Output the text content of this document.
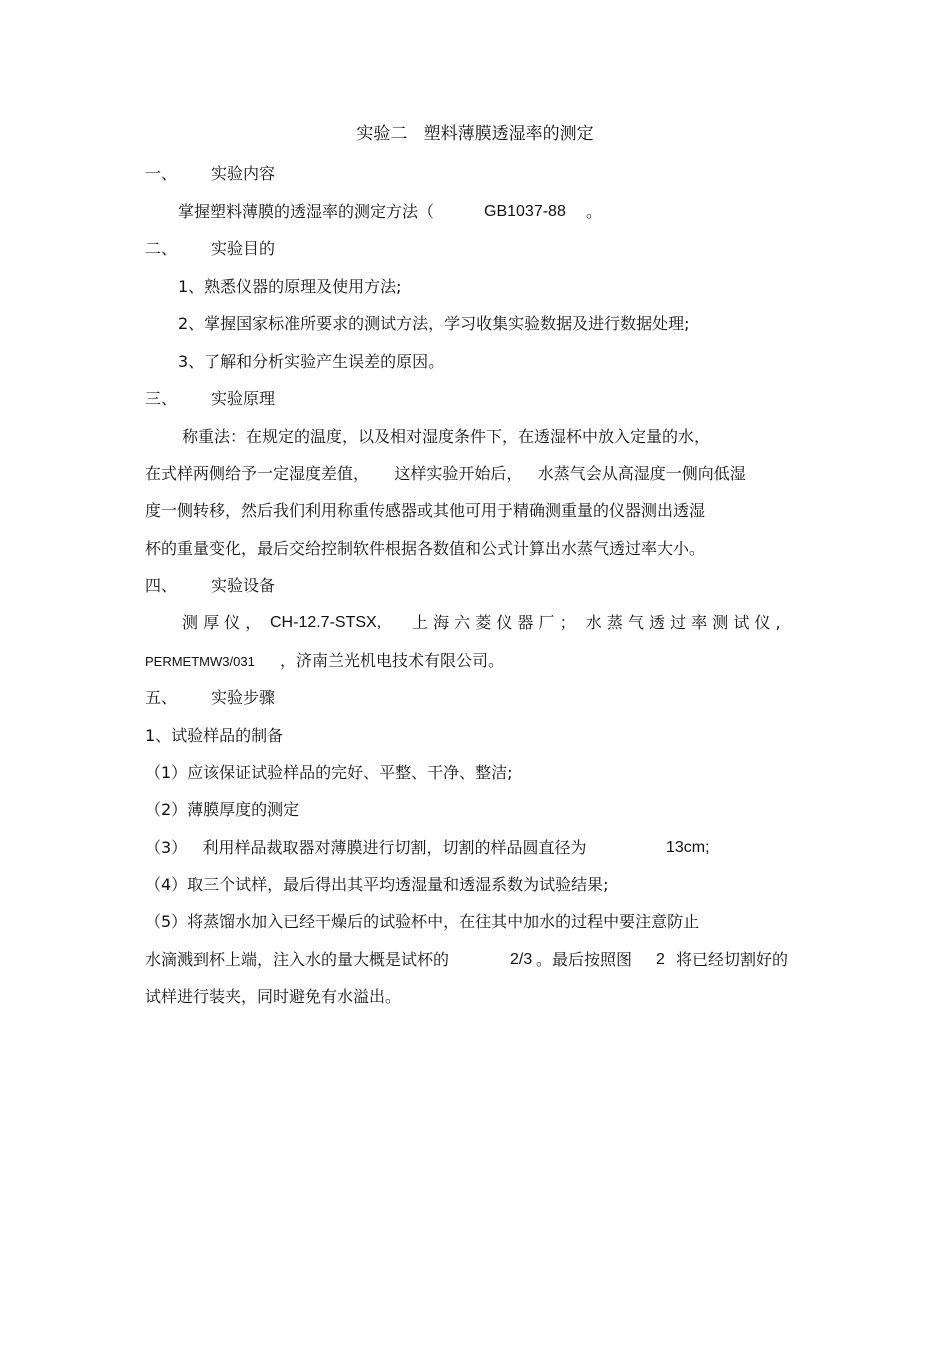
实验二   塑料薄膜透湿率的测定
一、 实验内容
掌握塑料薄膜的透湿率的测定方法（	GB1037-88 。
二、 实验目的
1、熟悉仪器的原理及使用方法;
2、掌握国家标准所要求的测试方法，学习收集实验数据及进行数据处理;
3、了解和分析实验产生误差的原因。
三、 实验原理
称重法：在规定的温度，以及相对湿度条件下，在透湿杯中放入定量的水，
在式样两侧给予一定湿度差值，     这样实验开始后，   水蒸气会从高湿度一侧向低湿
度一侧转移，然后我们利用称重传感器或其他可用于精确测重量的仪器测出透湿
杯的重量变化，最后交给控制软件根据各数值和公式计算出水蒸气透过率大小。
四、 实验设备
测 厚 仪 ， CH-12.7-STSX, 上 海 六 菱 仪 器 厂 ；  水 蒸 气 透 过 率 测 试 仪 ,
PERMETMW3/031 ，济南兰光机电技术有限公司。
五、 实验步骤
1、试验样品的制备
（1）应该保证试验样品的完好、平整、干净、整洁;
（2）薄膜厚度的测定
（3）   利用样品裁取器对薄膜进行切割，切割的样品圆直径为	13cm;
（4）取三个试样，最后得出其平均透湿量和透湿系数为试验结果;
（5）将蒸馏水加入已经干燥后的试验杯中，在往其中加水的过程中要注意防止
水滴溅到杯上端，注入水的量大概是试杯的	2/3 。最后按照图 2 将已经切割好的
试样进行装夹，同时避免有水溢出。
